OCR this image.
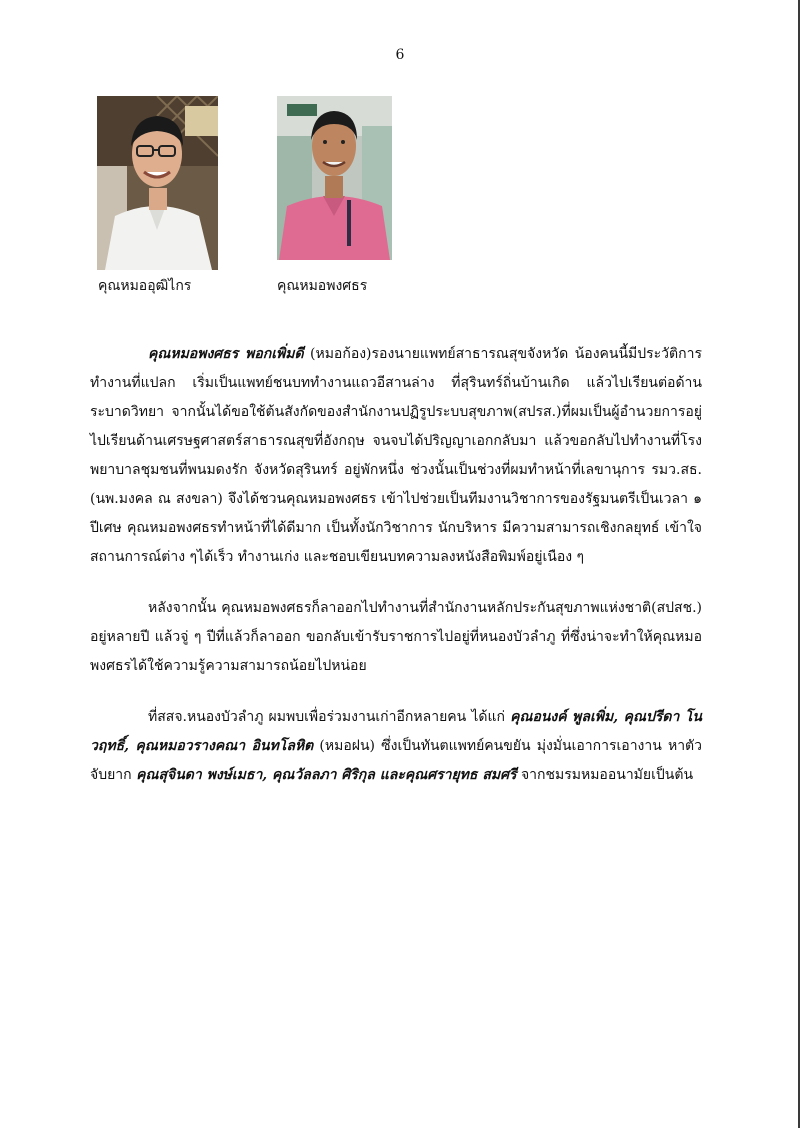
6
คุณหมออุฒิไกร	คุณหมอพงศธร

คุณหมอพงศธร พอกเพิ่มดี (หมอก้อง)รองนายแพทย์สาธารณสุขจังหวัด น้องคนนี้มีประวัติการทำงานที่แปลก เริ่มเป็นแพทย์ชนบททำงานแถวอีสานล่าง ที่สุรินทร์ถิ่นบ้านเกิด แล้วไปเรียนต่อด้านระบาดวิทยา จากนั้นได้ขอใช้ต้นสังกัดของสำนักงานปฏิรูประบบสุขภาพ(สปรส.)ที่ผมเป็นผู้อำนวยการอยู่ ไปเรียนด้านเศรษฐศาสตร์สาธารณสุขที่อังกฤษ จนจบได้ปริญญาเอกกลับมา แล้วขอกลับไปทำงานที่โรงพยาบาลชุมชนที่พนมดงรัก จังหวัดสุรินทร์ อยู่พักหนึ่ง ช่วงนั้นเป็นช่วงที่ผมทำหน้าที่เลขานุการ รมว.สธ.(นพ.มงคล ณ สงขลา) จึงได้ชวนคุณหมอพงศธร เข้าไปช่วยเป็นทีมงานวิชาการของรัฐมนตรีเป็นเวลา ๑ ปีเศษ คุณหมอพงศธรทำหน้าที่ได้ดีมาก เป็นทั้งนักวิชาการ นักบริหาร มีความสามารถเชิงกลยุทธ์ เข้าใจสถานการณ์ต่าง ๆได้เร็ว ทำงานเก่ง และชอบเขียนบทความลงหนังสือพิมพ์อยู่เนือง ๆ

หลังจากนั้น คุณหมอพงศธรก็ลาออกไปทำงานที่สำนักงานหลักประกันสุขภาพแห่งชาติ(สปสช.) อยู่หลายปี แล้วจู่ ๆ ปีที่แล้วก็ลาออก ขอกลับเข้ารับราชการไปอยู่ที่หนองบัวลำภู ที่ซึ่งน่าจะทำให้คุณหมอพงศธรได้ใช้ความรู้ความสามารถน้อยไปหน่อย

ที่สสจ.หนองบัวลำภู ผมพบเพื่อร่วมงานเก่าอีกหลายคน ได้แก่ คุณอนงค์ พูลเพิ่ม, คุณปรีดา โนวฤทธิ์, คุณหมอวรางคณา อินทโลหิต (หมอฝน) ซึ่งเป็นทันตแพทย์คนขยัน มุ่งมั่นเอาการเอางาน หาตัวจับยาก คุณสุจินดา พงษ์เมธา, คุณวัลลภา ศิริกุล และคุณศรายุทธ สมศรี จากชมรมหมออนามัยเป็นต้น
